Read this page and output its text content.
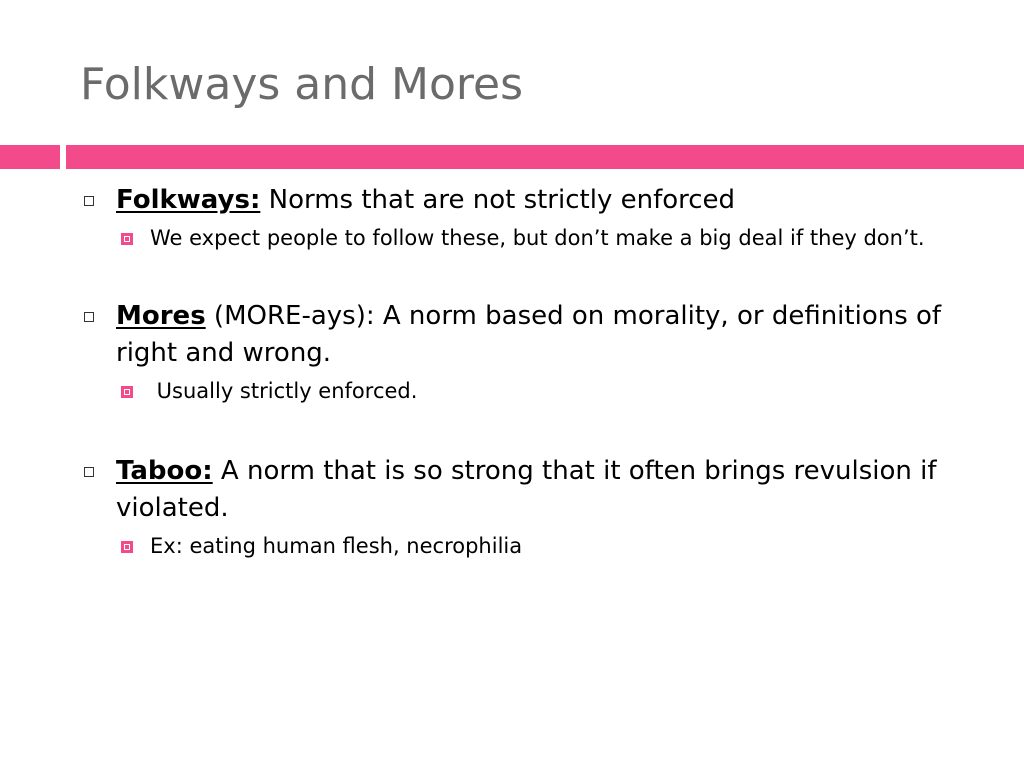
Folkways and Mores
Folkways: Norms that are not strictly enforced
We expect people to follow these, but don’t make a big deal if they don’t.
Mores (MORE-ays): A norm based on morality, or definitions of right and wrong.
Usually strictly enforced.
Taboo: A norm that is so strong that it often brings revulsion if violated.
Ex: eating human flesh, necrophilia
